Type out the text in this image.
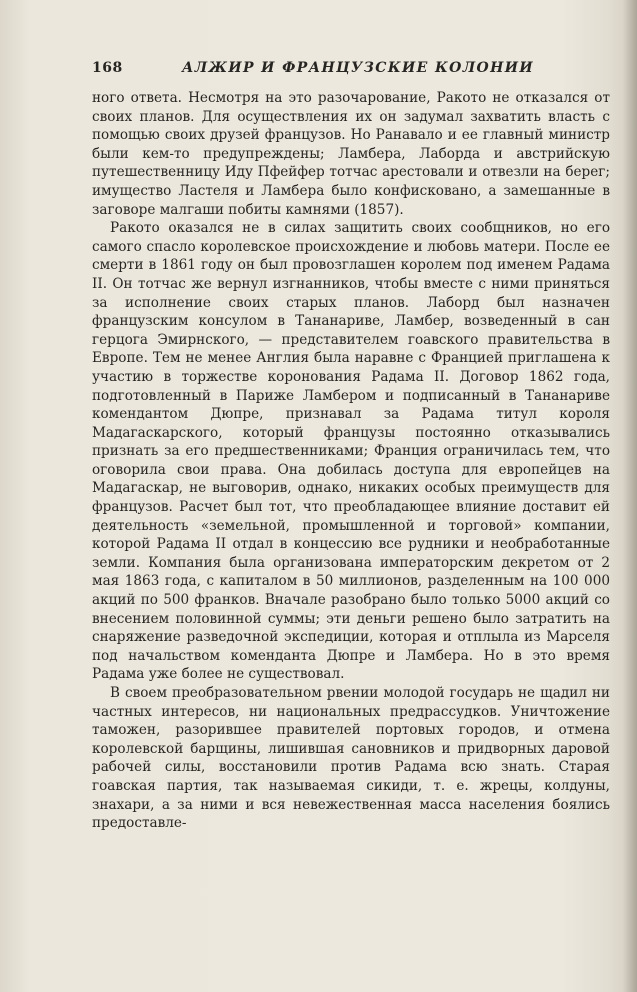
168	АЛЖИР И ФРАНЦУЗСКИЕ КОЛОНИИ

ного ответа. Несмотря на это разочарование, Ракото не отказался от своих планов. Для осуществления их он задумал захватить власть с помощью своих друзей французов. Но Ранавало и ее главный министр были кем-то предупреждены; Ламбера, Лаборда и австрийскую путешественницу Иду Пфейфер тотчас арестовали и отвезли на берег; имущество Ластеля и Ламбера было конфисковано, а замешанные в заговоре малгаши побиты камнями (1857).

Ракото оказался не в силах защитить своих сообщников, но его самого спасло королевское происхождение и любовь матери. После ее смерти в 1861 году он был провозглашен королем под именем Радама II. Он тотчас же вернул изгнанников, чтобы вместе с ними приняться за исполнение своих старых планов. Лаборд был назначен французским консулом в Тананариве, Ламбер, возведенный в сан герцога Эмирнского, — представителем гоавского правительства в Европе. Тем не менее Англия была наравне с Францией приглашена к участию в торжестве коронования Радама II. Договор 1862 года, подготовленный в Париже Ламбером и подписанный в Тананариве комендантом Дюпре, признавал за Радама титул короля Мадагаскарского, который французы постоянно отказывались признать за его предшественниками; Франция ограничилась тем, что оговорила свои права. Она добилась доступа для европейцев на Мадагаскар, не выговорив, однако, никаких особых преимуществ для французов. Расчет был тот, что преобладающее влияние доставит ей деятельность «земельной, промышленной и торговой» компании, которой Радама II отдал в концессию все рудники и необработанные земли. Компания была организована императорским декретом от 2 мая 1863 года, с капиталом в 50 миллионов, разделенным на 100 000 акций по 500 франков. Вначале разобрано было только 5000 акций со внесением половинной суммы; эти деньги решено было затратить на снаряжение разведочной экспедиции, которая и отплыла из Марселя под начальством коменданта Дюпре и Ламбера. Но в это время Радама уже более не существовал.

В своем преобразовательном рвении молодой государь не щадил ни частных интересов, ни национальных предрассудков. Уничтожение таможен, разорившее правителей портовых городов, и отмена королевской барщины, лишившая сановников и придворных даровой рабочей силы, восстановили против Радама всю знать. Старая гоавская партия, так называемая сикиди, т. е. жрецы, колдуны, знахари, а за ними и вся невежественная масса населения боялись предоставле-
